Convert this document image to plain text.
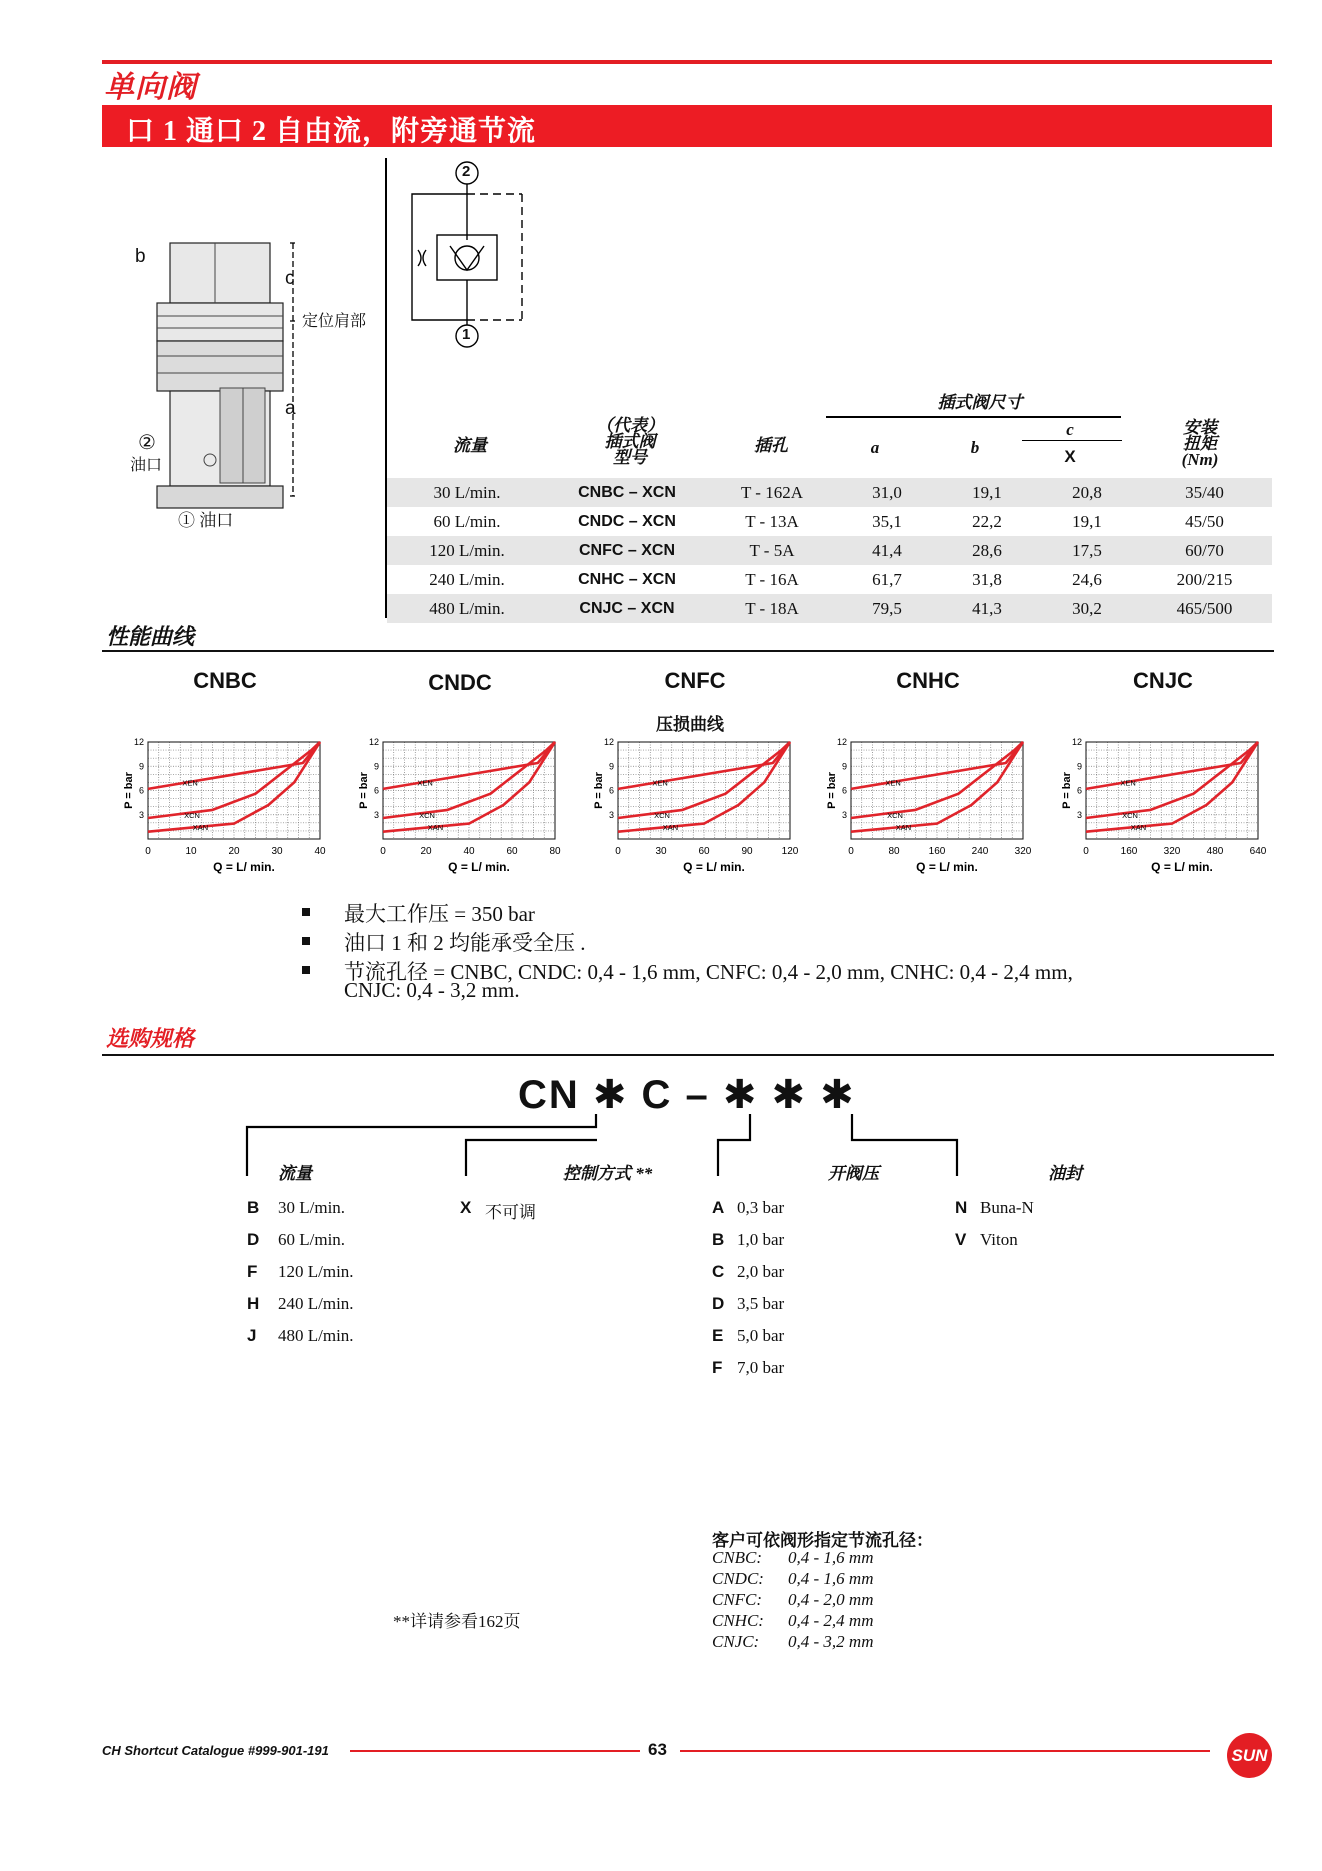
单向阀
口 1 通口 2 自由流，附旁通节流
b
c
a
定位肩部
②
油口
① 油口
2
1
插式阀尺寸
流量
（代表）
插式阀
型号
插孔	a	b
c
X
安装
扭矩
(Nm)
30 L/min.	CNBC – XCN	T - 162A	31,0	19,1	20,8	35/40
60 L/min.	CNDC – XCN	T - 13A	35,1	22,2	19,1	45/50
120 L/min.	CNFC – XCN	T - 5A	41,4	28,6	17,5	60/70
240 L/min.	CNHC – XCN	T - 16A	61,7	31,8	24,6	200/215
480 L/min.	CNJC – XCN	T - 18A	79,5	41,3	30,2	465/500
性能曲线
压损曲线
CNBC
3
6
9
12
0	10	20	30	40
P = bar
Q = L/ min.
XEN
XCN
XAN
CNDC
3
6
9
12
0	20	40	60	80
P = bar
Q = L/ min.
XEN
XCN
XAN
CNFC
3
6
9
12
0	30	60	90	120
P = bar
Q = L/ min.
XEN
XCN
XAN
CNHC
3
6
9
12
0	80	160	240	320
P = bar
Q = L/ min.
XEN
XCN
XAN
CNJC
3
6
9
12
0	160	320	480	640
P = bar
Q = L/ min.
XEN
XCN
XAN
最大工作压 = 350 bar
油口 1 和 2 均能承受全压 .
节流孔径 = CNBC, CNDC: 0,4 - 1,6 mm, CNFC: 0,4 - 2,0 mm, CNHC: 0,4 - 2,4 mm,
CNJC: 0,4 - 3,2 mm.
选购规格
CN ✱ C – ✱ ✱ ✱
流量
B 30 L/min.
D 60 L/min.
F 120 L/min.
H 240 L/min.
J 480 L/min.
控制方式 **
X 不可调
开阀压
A 0,3 bar
B 1,0 bar
C 2,0 bar
D 3,5 bar
E 5,0 bar
F 7,0 bar
油封
N Buna-N
V Viton
**详请参看162页
客户可依阀形指定节流孔径：
CNBC: 0,4 - 1,6 mm
CNDC: 0,4 - 1,6 mm
CNFC: 0,4 - 2,0 mm
CNHC: 0,4 - 2,4 mm
CNJC: 0,4 - 3,2 mm
CH Shortcut Catalogue #999-901-191	63	SUN
